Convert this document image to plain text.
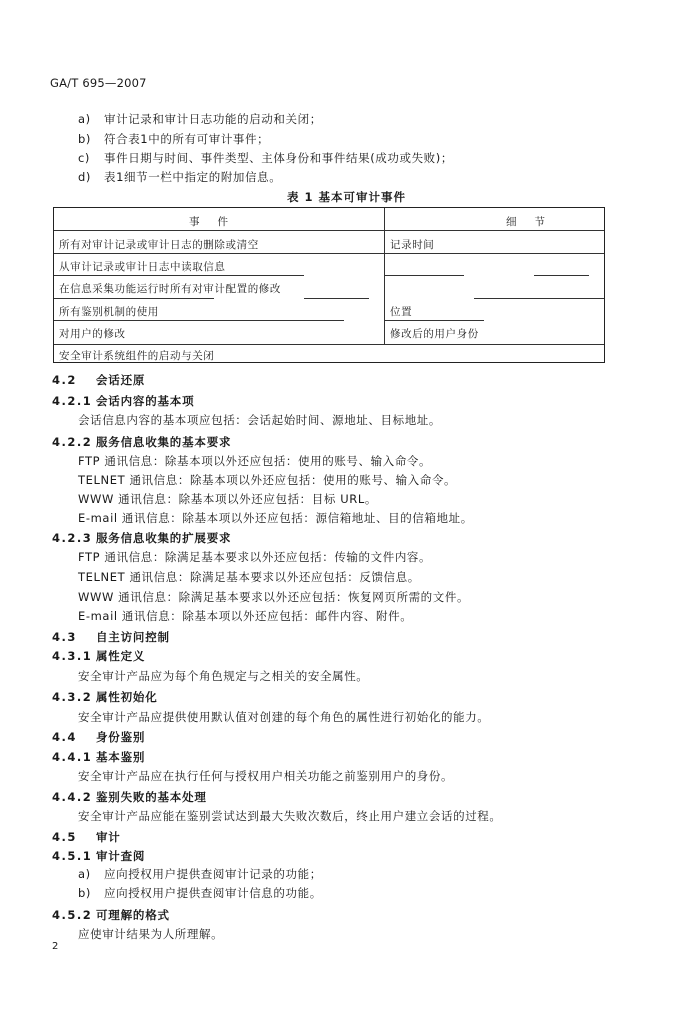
GA/T 695—2007
a) 审计记录和审计日志功能的启动和关闭；
b) 符合表1中的所有可审计事件；
c) 事件日期与时间、事件类型、主体身份和事件结果(成功或失败)；
d) 表1细节一栏中指定的附加信息。
表 1 基本可审计事件
事件	细节
所有对审计记录或审计日志的删除或清空	记录时间
从审计记录或审计日志中读取信息
在信息采集功能运行时所有对审计配置的修改
所有鉴别机制的使用	位置
对用户的修改	修改后的用户身份
安全审计系统组件的启动与关闭
4.2 会话还原
4.2.1 会话内容的基本项
4.2.2 服务信息收集的基本要求
4.2.3 服务信息收集的扩展要求
4.3 自主访问控制
4.3.1 属性定义
4.3.2 属性初始化
4.4 身份鉴别
4.4.1 基本鉴别
4.4.2 鉴别失败的基本处理
4.5 审计
4.5.1 审计查阅
4.5.2 可理解的格式
会话信息内容的基本项应包括：会话起始时间、源地址、目标地址。
FTP 通讯信息：除基本项以外还应包括：使用的账号、输入命令。
TELNET 通讯信息：除基本项以外还应包括：使用的账号、输入命令。
WWW 通讯信息：除基本项以外还应包括：目标 URL。
E-mail 通讯信息：除基本项以外还应包括：源信箱地址、目的信箱地址。
FTP 通讯信息：除满足基本要求以外还应包括：传输的文件内容。
TELNET 通讯信息：除满足基本要求以外还应包括：反馈信息。
WWW 通讯信息：除满足基本要求以外还应包括：恢复网页所需的文件。
E-mail 通讯信息：除基本项以外还应包括：邮件内容、附件。
安全审计产品应为每个角色规定与之相关的安全属性。
安全审计产品应提供使用默认值对创建的每个角色的属性进行初始化的能力。
安全审计产品应在执行任何与授权用户相关功能之前鉴别用户的身份。
安全审计产品应能在鉴别尝试达到最大失败次数后，终止用户建立会话的过程。
应使审计结果为人所理解。
a) 应向授权用户提供查阅审计记录的功能；
b) 应向授权用户提供查阅审计信息的功能。
2
